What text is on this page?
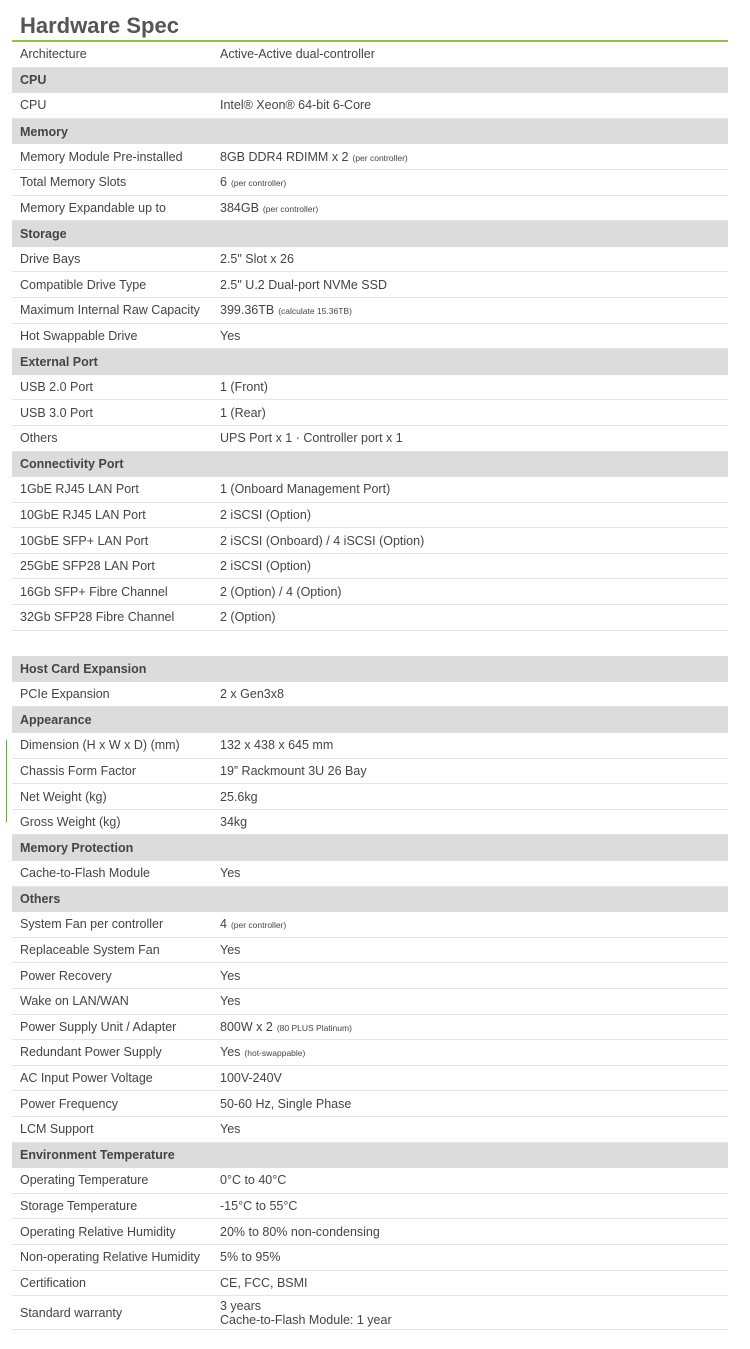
Hardware Spec
Architecture	Active-Active dual-controller
CPU
CPU	Intel® Xeon® 64-bit 6-Core
Memory
Memory Module Pre-installed	8GB DDR4 RDIMM x 2 (per controller)
Total Memory Slots	6 (per controller)
Memory Expandable up to	384GB (per controller)
Storage
Drive Bays	2.5" Slot x 26
Compatible Drive Type	2.5" U.2 Dual-port NVMe SSD
Maximum Internal Raw Capacity	399.36TB (calculate 15.36TB)
Hot Swappable Drive	Yes
External Port
USB 2.0 Port	1 (Front)
USB 3.0 Port	1 (Rear)
Others	UPS Port x 1 · Controller port x 1
Connectivity Port
1GbE RJ45 LAN Port	1 (Onboard Management Port)
10GbE RJ45 LAN Port	2 iSCSI (Option)
10GbE SFP+ LAN Port	2 iSCSI (Onboard) / 4 iSCSI (Option)
25GbE SFP28 LAN Port	2 iSCSI (Option)
16Gb SFP+ Fibre Channel	2 (Option) / 4 (Option)
32Gb SFP28 Fibre Channel	2 (Option)
Host Card Expansion
PCIe Expansion	2 x Gen3x8
Appearance
Dimension (H x W x D) (mm)	132 x 438 x 645 mm
Chassis Form Factor	19” Rackmount 3U 26 Bay
Net Weight (kg)	25.6kg
Gross Weight (kg)	34kg
Memory Protection
Cache-to-Flash Module	Yes
Others
System Fan per controller	4 (per controller)
Replaceable System Fan	Yes
Power Recovery	Yes
Wake on LAN/WAN	Yes
Power Supply Unit / Adapter	800W x 2 (80 PLUS Platinum)
Redundant Power Supply	Yes (hot-swappable)
AC Input Power Voltage	100V-240V
Power Frequency	50-60 Hz, Single Phase
LCM Support	Yes
Environment Temperature
Operating Temperature	0°C to 40°C
Storage Temperature	-15°C to 55°C
Operating Relative Humidity	20% to 80% non-condensing
Non-operating Relative Humidity	5% to 95%
Certification	CE, FCC, BSMI
Standard warranty	3 years
Cache-to-Flash Module: 1 year
